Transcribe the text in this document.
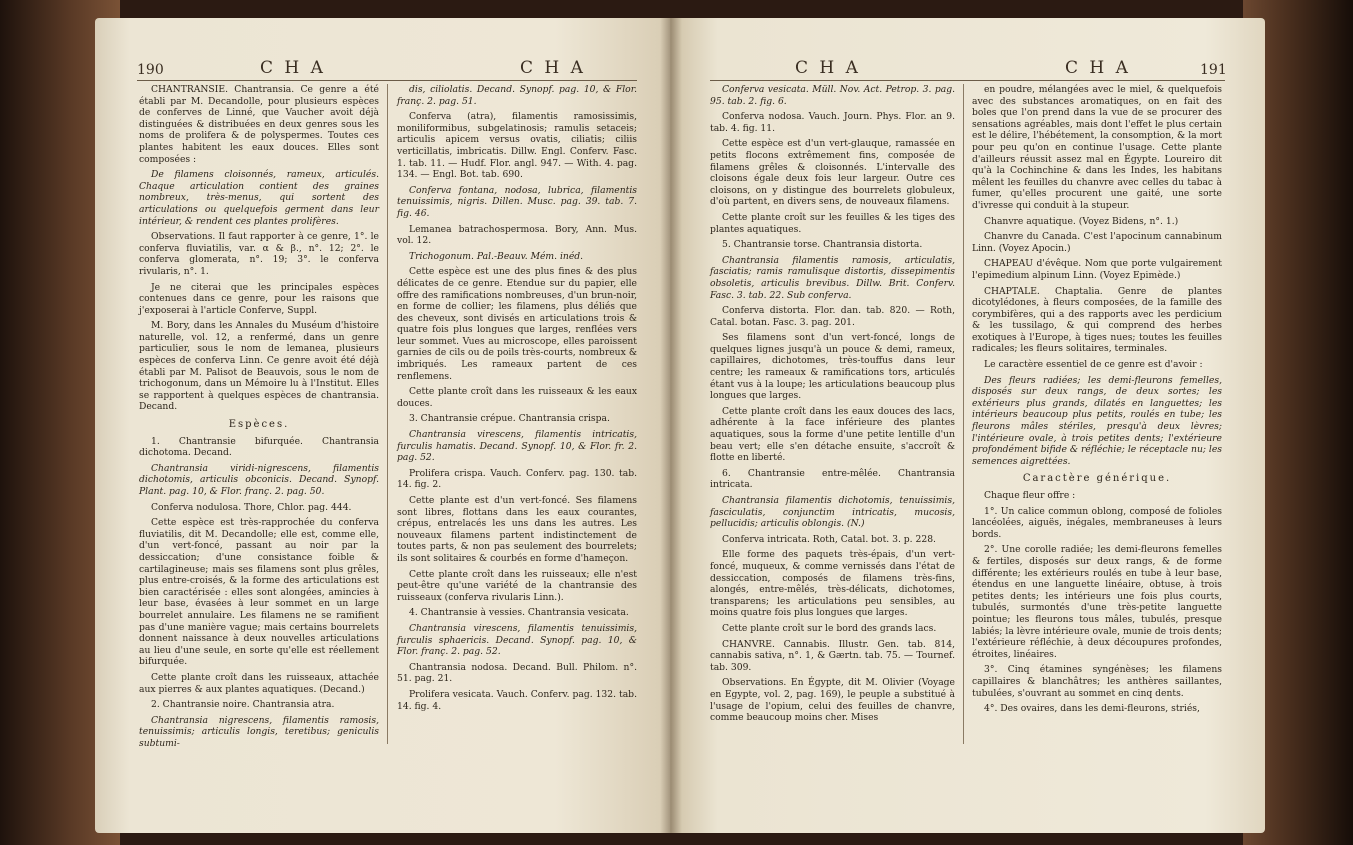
190	C H A	C H A

CHANTRANSIE. Chantransia. Ce genre a été établi par M. Decandolle, pour plusieurs espèces de conferves de Linné, que Vaucher avoit déjà distinguées & distribuées en deux genres sous les noms de prolifera & de polyspermes. Toutes ces plantes habitent les eaux douces. Elles sont composées :

De filamens cloisonnés, rameux, articulés. Chaque articulation contient des graines nombreux, très-menus, qui sortent des articulations ou quelquefois germent dans leur intérieur, & rendent ces plantes prolifères.

Observations. Il faut rapporter à ce genre, 1°. le conferva fluviatilis, var. α & β., n°. 12; 2°. le conferva glomerata, n°. 19; 3°. le conferva rivularis, n°. 1.

Je ne citerai que les principales espèces contenues dans ce genre, pour les raisons que j'exposerai à l'article Conferve, Suppl.

M. Bory, dans les Annales du Muséum d'histoire naturelle, vol. 12, a renfermé, dans un genre particulier, sous le nom de lemanea, plusieurs espèces de conferva Linn. Ce genre avoit été déjà établi par M. Palisot de Beauvois, sous le nom de trichogonum, dans un Mémoire lu à l'Institut. Elles se rapportent à quelques espèces de chantransia. Decand.

Espèces.

1. Chantransie bifurquée. Chantransia dichotoma. Decand.

Chantransia viridi-nigrescens, filamentis dichotomis, articulis obconicis. Decand. Synopf. Plant. pag. 10, & Flor. franç. 2. pag. 50.

Conferva nodulosa. Thore, Chlor. pag. 444.

Cette espèce est très-rapprochée du conferva fluviatilis, dit M. Decandolle; elle est, comme elle, d'un vert-foncé, passant au noir par la dessiccation; d'une consistance foible & cartilagineuse; mais ses filamens sont plus grêles, plus entre-croisés, & la forme des articulations est bien caractérisée : elles sont alongées, amincies à leur base, évasées à leur sommet en un large bourrelet annulaire. Les filamens ne se ramifient pas d'une manière vague; mais certains bourrelets donnent naissance à deux nouvelles articulations au lieu d'une seule, en sorte qu'elle est réellement bifurquée.

Cette plante croît dans les ruisseaux, attachée aux pierres & aux plantes aquatiques. (Decand.)

2. Chantransie noire. Chantransia atra.

Chantransia nigrescens, filamentis ramosis, tenuissimis; articulis longis, teretibus; geniculis subtumi-

dis, ciliolatis. Decand. Synopf. pag. 10, & Flor. franç. 2. pag. 51.

Conferva (atra), filamentis ramosissimis, moniliformibus, subgelatinosis; ramulis setaceis; articulis apicem versus ovatis, ciliatis; ciliis verticillatis, imbricatis. Dillw. Engl. Conferv. Fasc. 1. tab. 11. — Hudf. Flor. angl. 947. — With. 4. pag. 134. — Engl. Bot. tab. 690.

Conferva fontana, nodosa, lubrica, filamentis tenuissimis, nigris. Dillen. Musc. pag. 39. tab. 7. fig. 46.

Lemanea batrachospermosa. Bory, Ann. Mus. vol. 12.

Trichogonum. Pal.-Beauv. Mém. inéd.

Cette espèce est une des plus fines & des plus délicates de ce genre. Etendue sur du papier, elle offre des ramifications nombreuses, d'un brun-noir, en forme de collier; les filamens, plus déliés que des cheveux, sont divisés en articulations trois & quatre fois plus longues que larges, renflées vers leur sommet. Vues au microscope, elles paroissent garnies de cils ou de poils très-courts, nombreux & imbriqués. Les rameaux partent de ces renflemens.

Cette plante croît dans les ruisseaux & les eaux douces.

3. Chantransie crépue. Chantransia crispa.

Chantransia virescens, filamentis intricatis, furculis hamatis. Decand. Synopf. 10, & Flor. fr. 2. pag. 52.

Prolifera crispa. Vauch. Conferv. pag. 130. tab. 14. fig. 2.

Cette plante est d'un vert-foncé. Ses filamens sont libres, flottans dans les eaux courantes, crépus, entrelacés les uns dans les autres. Les nouveaux filamens partent indistinctement de toutes parts, & non pas seulement des bourrelets; ils sont solitaires & courbés en forme d'hameçon.

Cette plante croît dans les ruisseaux; elle n'est peut-être qu'une variété de la chantransie des ruisseaux (conferva rivularis Linn.).

4. Chantransie à vessies. Chantransia vesicata.

Chantransia virescens, filamentis tenuissimis, furculis sphaericis. Decand. Synopf. pag. 10, & Flor. franç. 2. pag. 52.

Chantransia nodosa. Decand. Bull. Philom. n°. 51. pag. 21.

Prolifera vesicata. Vauch. Conferv. pag. 132. tab. 14. fig. 4.

C H A	C H A	191

Conferva vesicata. Müll. Nov. Act. Petrop. 3. pag. 95. tab. 2. fig. 6.

Conferva nodosa. Vauch. Journ. Phys. Flor. an 9. tab. 4. fig. 11.

Cette espèce est d'un vert-glauque, ramassée en petits flocons extrêmement fins, composée de filamens grêles & cloisonnés. L'intervalle des cloisons égale deux fois leur largeur. Outre ces cloisons, on y distingue des bourrelets globuleux, d'où partent, en divers sens, de nouveaux filamens.

Cette plante croît sur les feuilles & les tiges des plantes aquatiques.

5. Chantransie torse. Chantransia distorta.

Chantransia filamentis ramosis, articulatis, fasciatis; ramis ramulisque distortis, dissepimentis obsoletis, articulis brevibus. Dillw. Brit. Conferv. Fasc. 3. tab. 22. Sub conferva.

Conferva distorta. Flor. dan. tab. 820. — Roth, Catal. botan. Fasc. 3. pag. 201.

Ses filamens sont d'un vert-foncé, longs de quelques lignes jusqu'à un pouce & demi, rameux, capillaires, dichotomes, très-touffus dans leur centre; les rameaux & ramifications tors, articulés étant vus à la loupe; les articulations beaucoup plus longues que larges.

Cette plante croît dans les eaux douces des lacs, adhérente à la face inférieure des plantes aquatiques, sous la forme d'une petite lentille d'un beau vert; elle s'en détache ensuite, s'accroît & flotte en liberté.

6. Chantransie entre-mêlée. Chantransia intricata.

Chantransia filamentis dichotomis, tenuissimis, fasciculatis, conjunctim intricatis, mucosis, pellucidis; articulis oblongis. (N.)

Conferva intricata. Roth, Catal. bot. 3. p. 228.

Elle forme des paquets très-épais, d'un vert-foncé, muqueux, & comme vernissés dans l'état de dessiccation, composés de filamens très-fins, alongés, entre-mêlés, très-délicats, dichotomes, transparens; les articulations peu sensibles, au moins quatre fois plus longues que larges.

Cette plante croît sur le bord des grands lacs.

CHANVRE. Cannabis. Illustr. Gen. tab. 814, cannabis sativa, n°. 1, & Gærtn. tab. 75. — Tournef. tab. 309.

Observations. En Égypte, dit M. Olivier (Voyage en Egypte, vol. 2, pag. 169), le peuple a substitué à l'usage de l'opium, celui des feuilles de chanvre, comme beaucoup moins cher. Mises

en poudre, mélangées avec le miel, & quelquefois avec des substances aromatiques, on en fait des boles que l'on prend dans la vue de se procurer des sensations agréables, mais dont l'effet le plus certain est le délire, l'hébétement, la consomption, & la mort pour peu qu'on en continue l'usage. Cette plante d'ailleurs réussit assez mal en Égypte. Loureiro dit qu'à la Cochinchine & dans les Indes, les habitans mêlent les feuilles du chanvre avec celles du tabac à fumer, qu'elles procurent une gaité, une sorte d'ivresse qui conduit à la stupeur.

Chanvre aquatique. (Voyez Bidens, n°. 1.)

Chanvre du Canada. C'est l'apocinum cannabinum Linn. (Voyez Apocin.)

CHAPEAU d'évêque. Nom que porte vulgairement l'epimedium alpinum Linn. (Voyez Epimède.)

CHAPTALE. Chaptalia. Genre de plantes dicotylédones, à fleurs composées, de la famille des corymbifères, qui a des rapports avec les perdicium & les tussilago, & qui comprend des herbes exotiques à l'Europe, à tiges nues; toutes les feuilles radicales; les fleurs solitaires, terminales.

Le caractère essentiel de ce genre est d'avoir :

Des fleurs radiées; les demi-fleurons femelles, disposés sur deux rangs, de deux sortes; les extérieurs plus grands, dilatés en languettes; les intérieurs beaucoup plus petits, roulés en tube; les fleurons mâles stériles, presqu'à deux lèvres; l'intérieure ovale, à trois petites dents; l'extérieure profondément bifide & réfléchie; le réceptacle nu; les semences aigrettées.

Caractère générique.

Chaque fleur offre :

1°. Un calice commun oblong, composé de folioles lancéolées, aiguës, inégales, membraneuses à leurs bords.

2°. Une corolle radiée; les demi-fleurons femelles & fertiles, disposés sur deux rangs, & de forme différente; les extérieurs roulés en tube à leur base, étendus en une languette linéaire, obtuse, à trois petites dents; les intérieurs une fois plus courts, tubulés, surmontés d'une très-petite languette pointue; les fleurons tous mâles, tubulés, presque labiés; la lèvre intérieure ovale, munie de trois dents; l'extérieure réfléchie, à deux découpures profondes, étroites, linéaires.

3°. Cinq étamines syngénèses; les filamens capillaires & blanchâtres; les anthères saillantes, tubulées, s'ouvrant au sommet en cinq dents.

4°. Des ovaires, dans les demi-fleurons, striés,
